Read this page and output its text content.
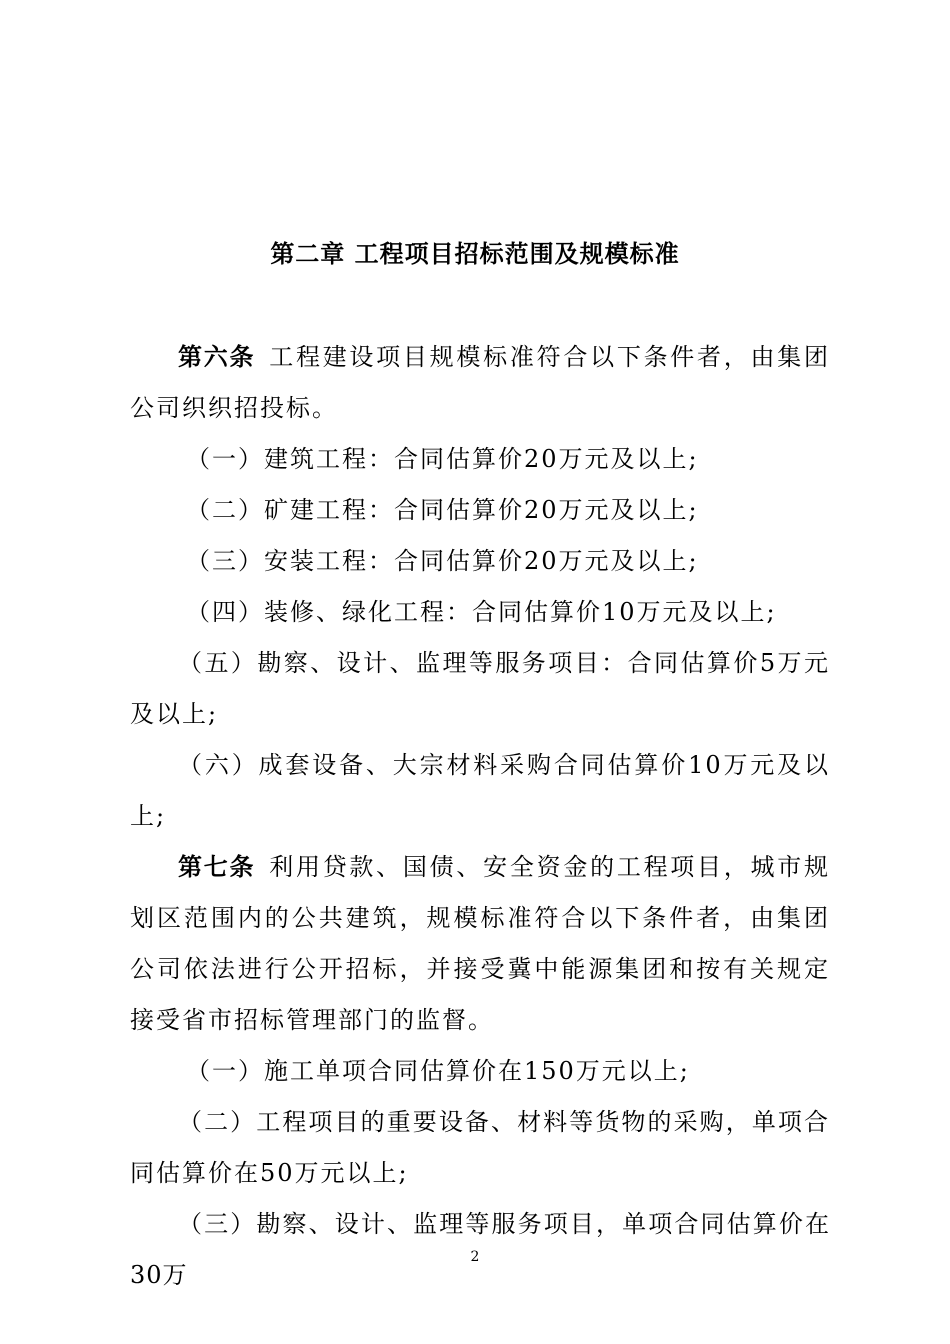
第二章 工程项目招标范围及规模标准

第六条 工程建设项目规模标准符合以下条件者，由集团公司织织招投标。

（一）建筑工程：合同估算价20万元及以上;

（二）矿建工程：合同估算价20万元及以上;

（三）安装工程：合同估算价20万元及以上;

（四）装修、绿化工程：合同估算价10万元及以上;

（五）勘察、设计、监理等服务项目：合同估算价5万元及以上;

（六）成套设备、大宗材料采购合同估算价10万元及以上;

第七条 利用贷款、国债、安全资金的工程项目，城市规划区范围内的公共建筑，规模标准符合以下条件者，由集团公司依法进行公开招标，并接受冀中能源集团和按有关规定接受省市招标管理部门的监督。

（一）施工单项合同估算价在150万元以上;

（二）工程项目的重要设备、材料等货物的采购，单项合同估算价在50万元以上;

（三）勘察、设计、监理等服务项目，单项合同估算价在30万

2
